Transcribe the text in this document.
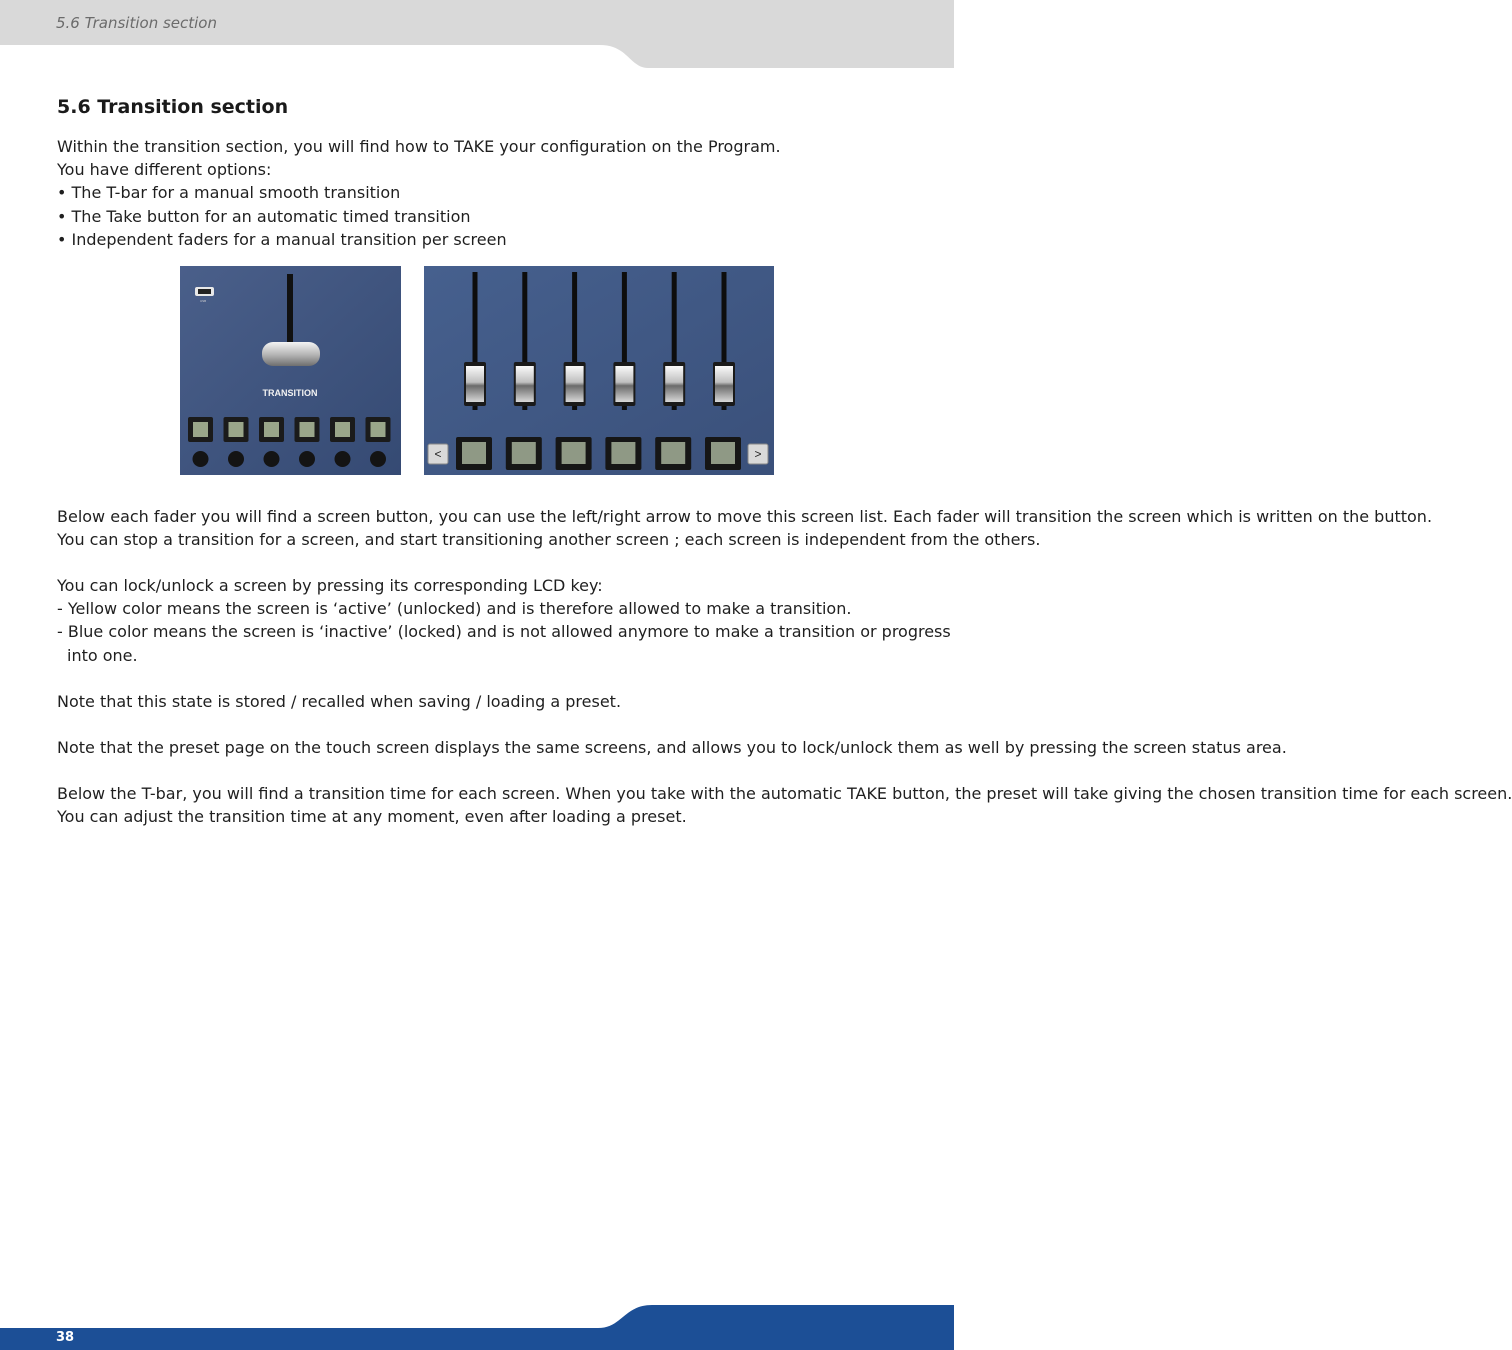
5.6 Transition section
5.6 Transition section
Within the transition section, you will find how to TAKE your configuration on the Program.
You have different options:
• The T-bar for a manual smooth transition
• The Take button for an automatic timed transition
• Independent faders for a manual transition per screen
USB
TRANSITION
<	>
Below each fader you will find a screen button, you can use the left/right arrow to move this screen list. Each fader will transition the screen which is written on the button.
You can stop a transition for a screen, and start transitioning another screen ; each screen is independent from the others.
You can lock/unlock a screen by pressing its corresponding LCD key:
- Yellow color means the screen is ‘active’ (unlocked) and is therefore allowed to make a transition.
- Blue color means the screen is ‘inactive’ (locked) and is not allowed anymore to make a transition or progress
into one.
Note that this state is stored / recalled when saving / loading a preset.
Note that the preset page on the touch screen displays the same screens, and allows you to lock/unlock them as well by pressing the screen status area.
Below the T-bar, you will find a transition time for each screen. When you take with the automatic TAKE button, the preset will take giving the chosen transition time for each screen.
You can adjust the transition time at any moment, even after loading a preset.
38
